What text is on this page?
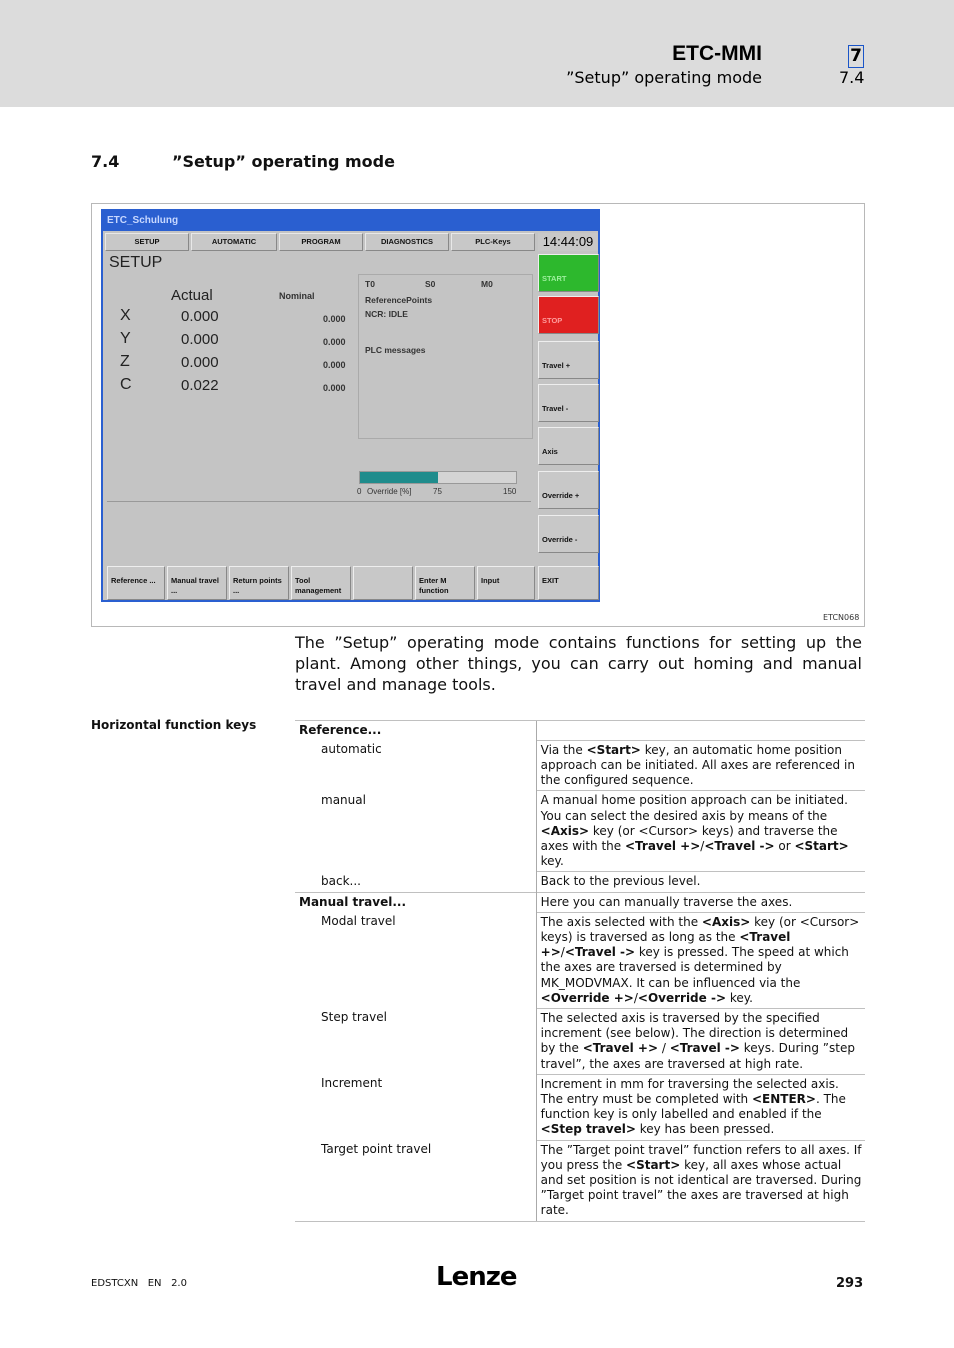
ETC-MMI
”Setup” operating mode
7
7.4
7.4	”Setup” operating mode
ETCN068
ETC_Schulung
SETUP	AUTOMATIC	PROGRAM	DIAGNOSTICS	PLC-Keys	14:44:09
SETUP
Actual	Nominal
X	0.000	0.000
Y	0.000	0.000
Z	0.000	0.000
C	0.022	0.000
T0	S0	M0
ReferencePoints
NCR: IDLE
PLC messages
0 Override [%]	75	150
START
STOP
Travel +
Travel -
Axis
Override +
Override -
Reference ...	Manual travel ...
Return points ...
Tool management
Enter M function
Input	EXIT
The ”Setup” operating mode contains functions for setting up the plant. Among other things, you can carry out homing and manual travel and manage tools.
Horizontal function keys	Reference...	
automatic	Via the <Start> key, an automatic home position approach can be initiated. All axes are referenced in the configured sequence.
manual	A manual home position approach can be initiated. You can select the desired axis by means of the <Axis> key (or <Cursor> keys) and traverse the axes with the <Travel +>/<Travel -> or <Start> key.
back...	Back to the previous level.
Manual travel...	Here you can manually traverse the axes.
Modal travel	The axis selected with the <Axis> key (or <Cursor> keys) is traversed as long as the <Travel +>/<Travel -> key is pressed. The speed at which the axes are traversed is determined by MK_MODVMAX. It can be influenced via the <Override +>/<Override -> key.
Step travel	The selected axis is traversed by the specified increment (see below). The direction is determined by the <Travel +> / <Travel -> keys. During ”step travel”, the axes are traversed at high rate.
Increment	Increment in mm for traversing the selected axis. The entry must be completed with <ENTER>. The function key is only labelled and enabled if the <Step travel> key has been pressed.
Target point travel	The ”Target point travel” function refers to all axes. If you press the <Start> key, all axes whose actual and set position is not identical are traversed. During ”Target point travel” the axes are traversed at high rate.
EDSTCXN   EN   2.0	Lenze	293
